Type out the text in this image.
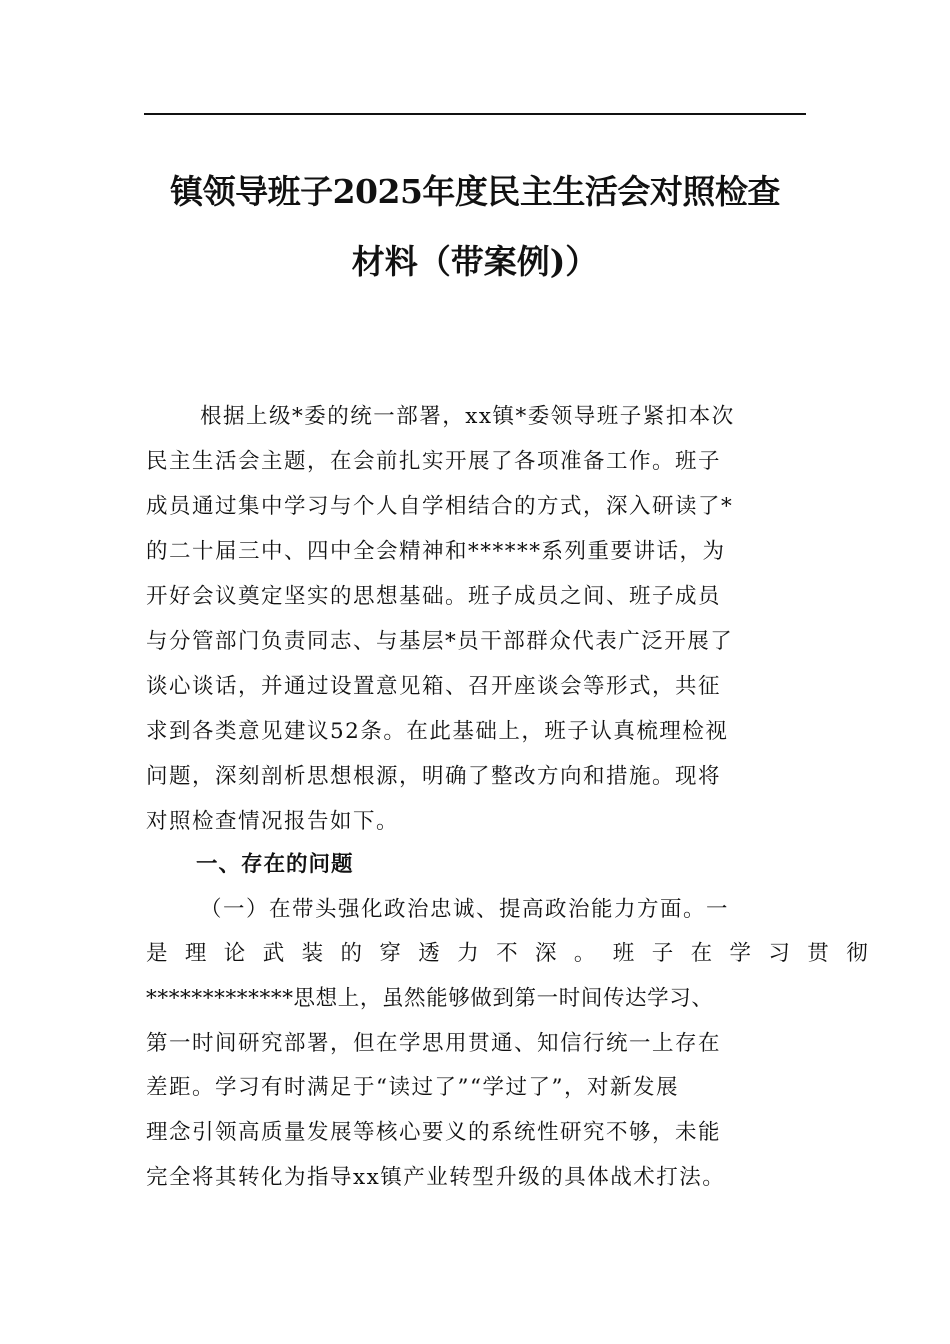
镇领导班子2025年度民主生活会对照检查
材料（带案例)）
根据上级*委的统一部署，xx镇*委领导班子紧扣本次
民主生活会主题，在会前扎实开展了各项准备工作。班子
成员通过集中学习与个人自学相结合的方式，深入研读了*
的二十届三中、四中全会精神和******系列重要讲话，为
开好会议奠定坚实的思想基础。班子成员之间、班子成员
与分管部门负责同志、与基层*员干部群众代表广泛开展了
谈心谈话，并通过设置意见箱、召开座谈会等形式，共征
求到各类意见建议52条。在此基础上，班子认真梳理检视
问题，深刻剖析思想根源，明确了整改方向和措施。现将
对照检查情况报告如下。
一、存在的问题
（一）在带头强化政治忠诚、提高政治能力方面。一
是理论武装的穿透力不深。班子在学习贯彻
*************思想上，虽然能够做到第一时间传达学习、
第一时间研究部署，但在学思用贯通、知信行统一上存在
差距。学习有时满足于“读过了”“学过了”，对新发展
理念引领高质量发展等核心要义的系统性研究不够，未能
完全将其转化为指导xx镇产业转型升级的具体战术打法。
